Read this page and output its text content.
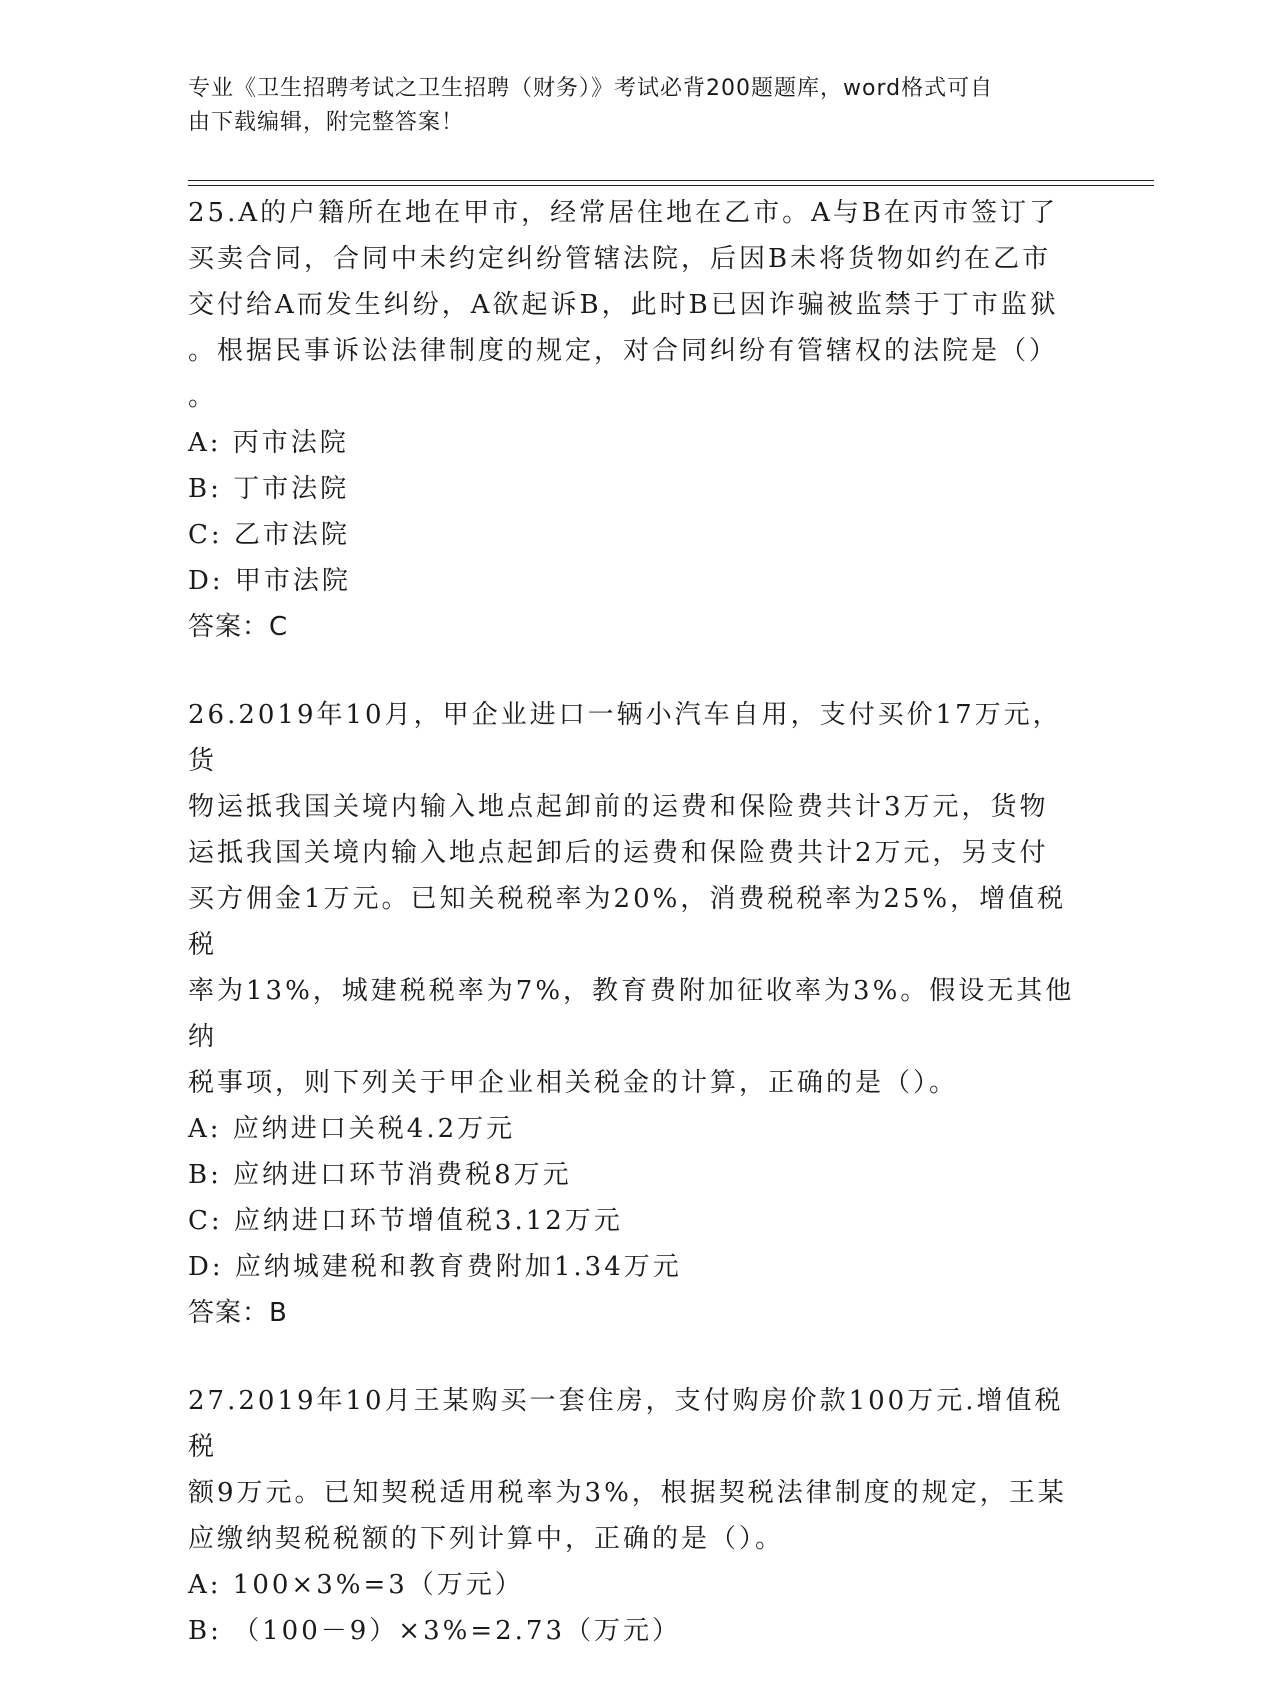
专业《卫生招聘考试之卫生招聘（财务）》考试必背200题题库，word格式可自
由下载编辑，附完整答案！

25.A的户籍所在地在甲市，经常居住地在乙市。A与B在丙市签订了

买卖合同，合同中未约定纠纷管辖法院，后因B未将货物如约在乙市

交付给A而发生纠纷，A欲起诉B，此时B已因诈骗被监禁于丁市监狱

。根据民事诉讼法律制度的规定，对合同纠纷有管辖权的法院是（）

。

A: 丙市法院

B: 丁市法院

C: 乙市法院

D: 甲市法院

答案：C

26.2019年10月，甲企业进口一辆小汽车自用，支付买价17万元，货

物运抵我国关境内输入地点起卸前的运费和保险费共计3万元，货物

运抵我国关境内输入地点起卸后的运费和保险费共计2万元，另支付

买方佣金1万元。已知关税税率为20%，消费税税率为25%，增值税税

率为13%，城建税税率为7%，教育费附加征收率为3%。假设无其他纳

税事项，则下列关于甲企业相关税金的计算，正确的是（）。

A: 应纳进口关税4.2万元

B: 应纳进口环节消费税8万元

C: 应纳进口环节增值税3.12万元

D: 应纳城建税和教育费附加1.34万元

答案：B

27.2019年10月王某购买一套住房，支付购房价款100万元.增值税税

额9万元。已知契税适用税率为3%，根据契税法律制度的规定，王某

应缴纳契税税额的下列计算中，正确的是（）。

A: 100×3%=3（万元）

B: （100－9）×3%=2.73（万元）
